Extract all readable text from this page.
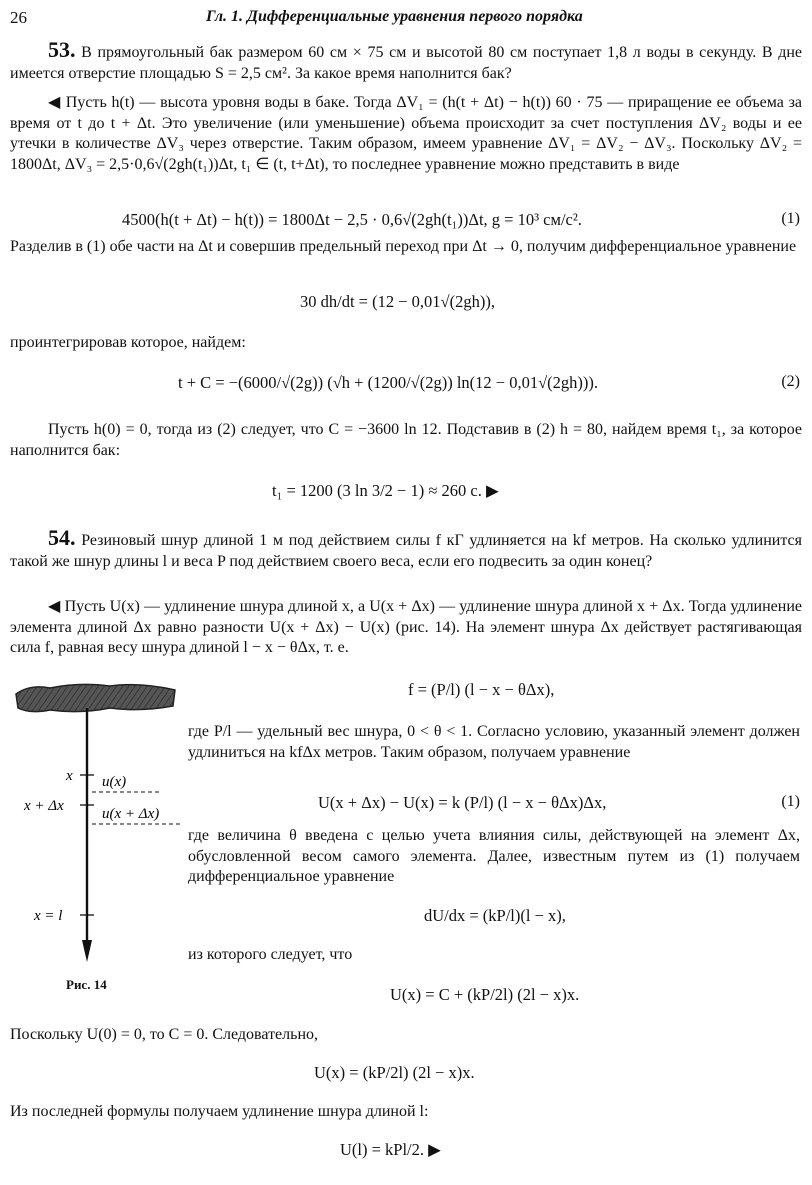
26	Гл. 1. Дифференциальные уравнения первого порядка

53. В прямоугольный бак размером 60 см × 75 см и высотой 80 см поступает 1,8 л воды в секунду. В дне имеется отверстие площадью S = 2,5 см². За какое время наполнится бак?

◀ Пусть h(t) — высота уровня воды в баке. Тогда ΔV₁ = (h(t + Δt) − h(t)) 60 · 75 — приращение ее объема за время от t до t + Δt. Это увеличение (или уменьшение) объема происходит за счет поступления ΔV₂ воды и ее утечки в количестве ΔV₃ через отверстие. Таким образом, имеем уравнение ΔV₁ = ΔV₂ − ΔV₃. Поскольку ΔV₂ = 1800Δt, ΔV₃ = 2,5·0,6√(2gh(t₁))Δt, t₁ ∈ (t, t+Δt), то последнее уравнение можно представить в виде

4500(h(t + Δt) − h(t)) = 1800Δt − 2,5 · 0,6√(2gh(t₁))Δt, g = 10³ см/с².	(1)

Разделив в (1) обе части на Δt и совершив предельный переход при Δt → 0, получим дифференциальное уравнение

30 dh/dt = (12 − 0,01√(2gh)),

проинтегрировав которое, найдем:

t + C = −(6000/√(2g)) (√h + (1200/√(2g)) ln(12 − 0,01√(2gh))).	(2)

Пусть h(0) = 0, тогда из (2) следует, что C = −3600 ln 12. Подставив в (2) h = 80, найдем время t₁, за которое наполнится бак:

t₁ = 1200 (3 ln 3/2 − 1) ≈ 260 с. ▶

54. Резиновый шнур длиной 1 м под действием силы f кГ удлиняется на kf метров. На сколько удлинится такой же шнур длины l и веса P под действием своего веса, если его подвесить за один конец?

◀ Пусть U(x) — удлинение шнура длиной x, а U(x + Δx) — удлинение шнура длиной x + Δx. Тогда удлинение элемента длиной Δx равно разности U(x + Δx) − U(x) (рис. 14). На элемент шнура Δx действует растягивающая сила f, равная весу шнура длиной l − x − θΔx, т. е.

x
x + Δx
x = l
u(x)
u(x + Δx)
Рис. 14
f = (P/l) (l − x − θΔx),

где P/l — удельный вес шнура, 0 < θ < 1. Согласно условию, указанный элемент должен удлиниться на kfΔx метров. Таким образом, получаем уравнение

U(x + Δx) − U(x) = k (P/l) (l − x − θΔx)Δx,	(1)

где величина θ введена с целью учета влияния силы, действующей на элемент Δx, обусловленной весом самого элемента. Далее, известным путем из (1) получаем дифференциальное уравнение

dU/dx = (kP/l)(l − x),

из которого следует, что

U(x) = C + (kP/2l) (2l − x)x.

Поскольку U(0) = 0, то C = 0. Следовательно,

U(x) = (kP/2l) (2l − x)x.

Из последней формулы получаем удлинение шнура длиной l:

U(l) = kPl/2. ▶
